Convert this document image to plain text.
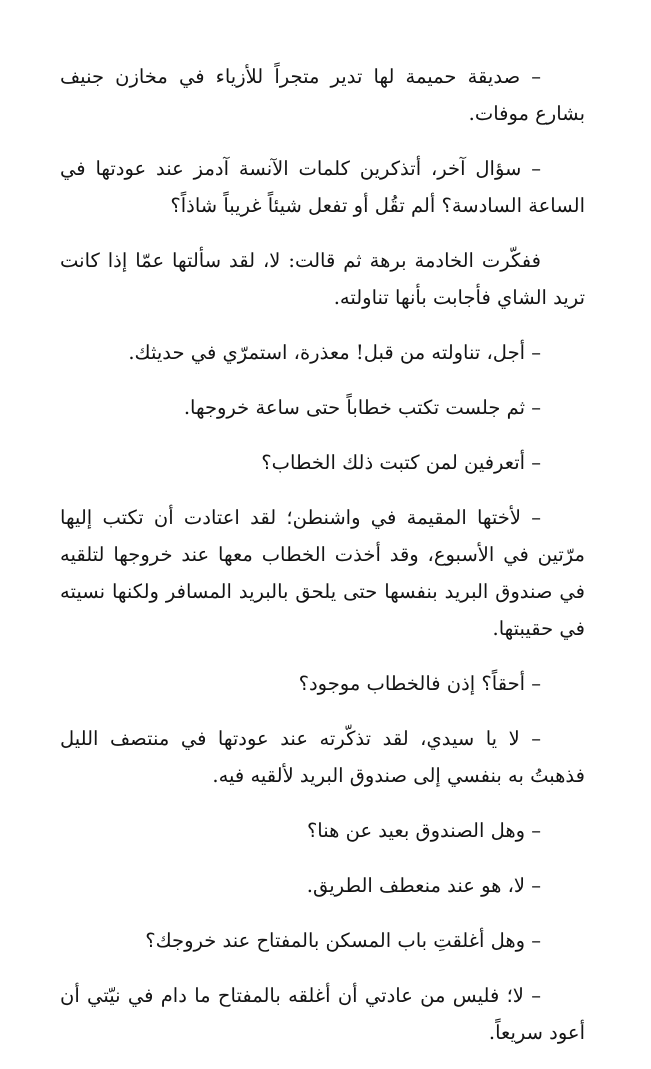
– صديقة حميمة لها تدير متجراً للأزياء في مخازن جنيف بشارع موفات.

– سؤال آخر، أتذكرين كلمات الآنسة آدمز عند عودتها في الساعة السادسة؟ ألم تقُل أو تفعل شيئاً غريباً شاذاً؟

ففكّرت الخادمة برهة ثم قالت: لا، لقد سألتها عمّا إذا كانت تريد الشاي فأجابت بأنها تناولته.

– أجل، تناولته من قبل! معذرة، استمرّي في حديثك.

– ثم جلست تكتب خطاباً حتى ساعة خروجها.

– أتعرفين لمن كتبت ذلك الخطاب؟

– لأختها المقيمة في واشنطن؛ لقد اعتادت أن تكتب إليها مرّتين في الأسبوع، وقد أخذت الخطاب معها عند خروجها لتلقيه في صندوق البريد بنفسها حتى يلحق بالبريد المسافر ولكنها نسيته في حقيبتها.

– أحقاً؟ إذن فالخطاب موجود؟

– لا يا سيدي، لقد تذكّرته عند عودتها في منتصف الليل فذهبتُ به بنفسي إلى صندوق البريد لألقيه فيه.

– وهل الصندوق بعيد عن هنا؟

– لا، هو عند منعطف الطريق.

– وهل أغلقتِ باب المسكن بالمفتاح عند خروجك؟

– لا؛ فليس من عادتي أن أغلقه بالمفتاح ما دام في نيّتي أن أعود سريعاً.
